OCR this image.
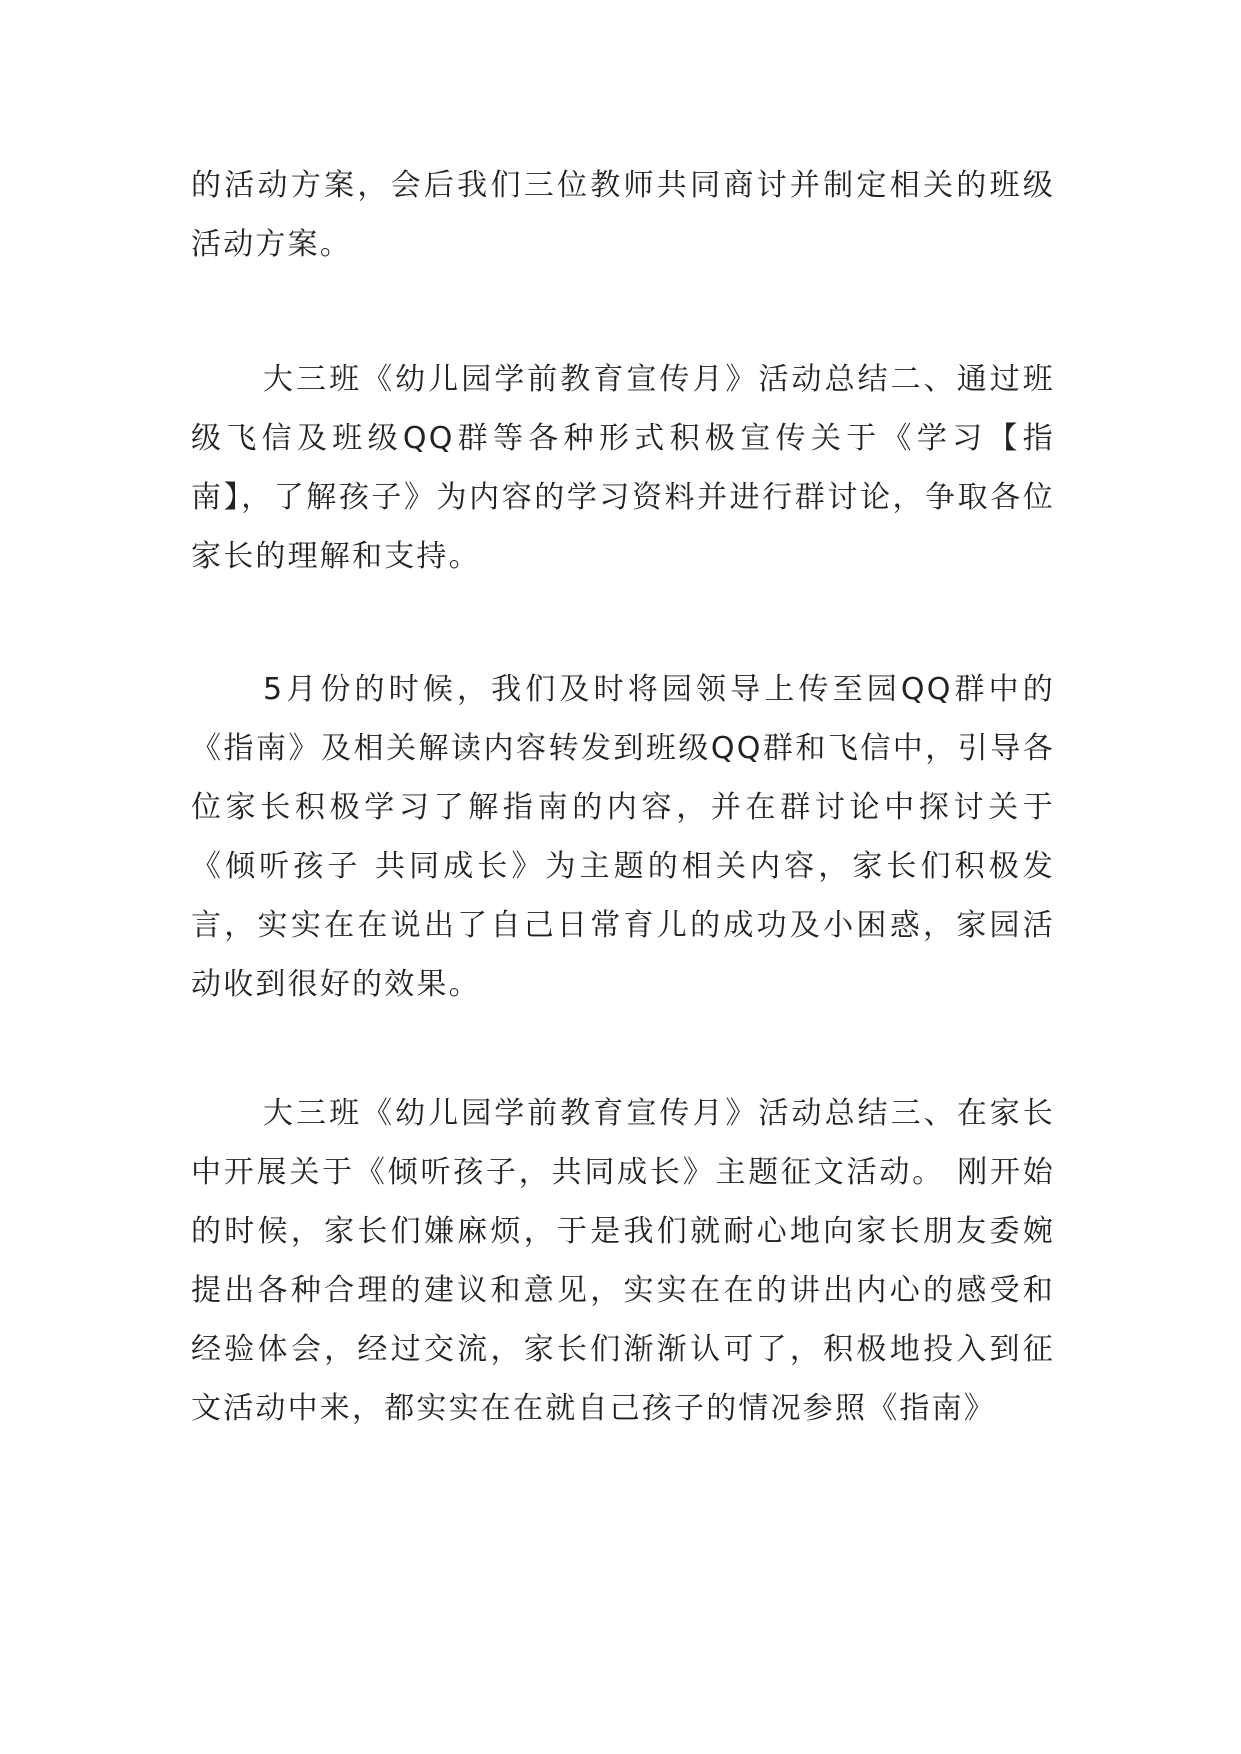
的活动方案，会后我们三位教师共同商讨并制定相关的班级活动方案。

大三班《幼儿园学前教育宣传月》活动总结二、通过班级飞信及班级QQ群等各种形式积极宣传关于《学习【指南】，了解孩子》为内容的学习资料并进行群讨论，争取各位家长的理解和支持。

5月份的时候，我们及时将园领导上传至园QQ群中的《指南》及相关解读内容转发到班级QQ群和飞信中，引导各位家长积极学习了解指南的内容，并在群讨论中探讨关于《倾听孩子 共同成长》为主题的相关内容，家长们积极发言，实实在在说出了自己日常育儿的成功及小困惑，家园活动收到很好的效果。

大三班《幼儿园学前教育宣传月》活动总结三、在家长中开展关于《倾听孩子，共同成长》主题征文活动。 刚开始的时候，家长们嫌麻烦，于是我们就耐心地向家长朋友委婉提出各种合理的建议和意见，实实在在的讲出内心的感受和经验体会，经过交流，家长们渐渐认可了，积极地投入到征文活动中来，都实实在在就自己孩子的情况参照《指南》
